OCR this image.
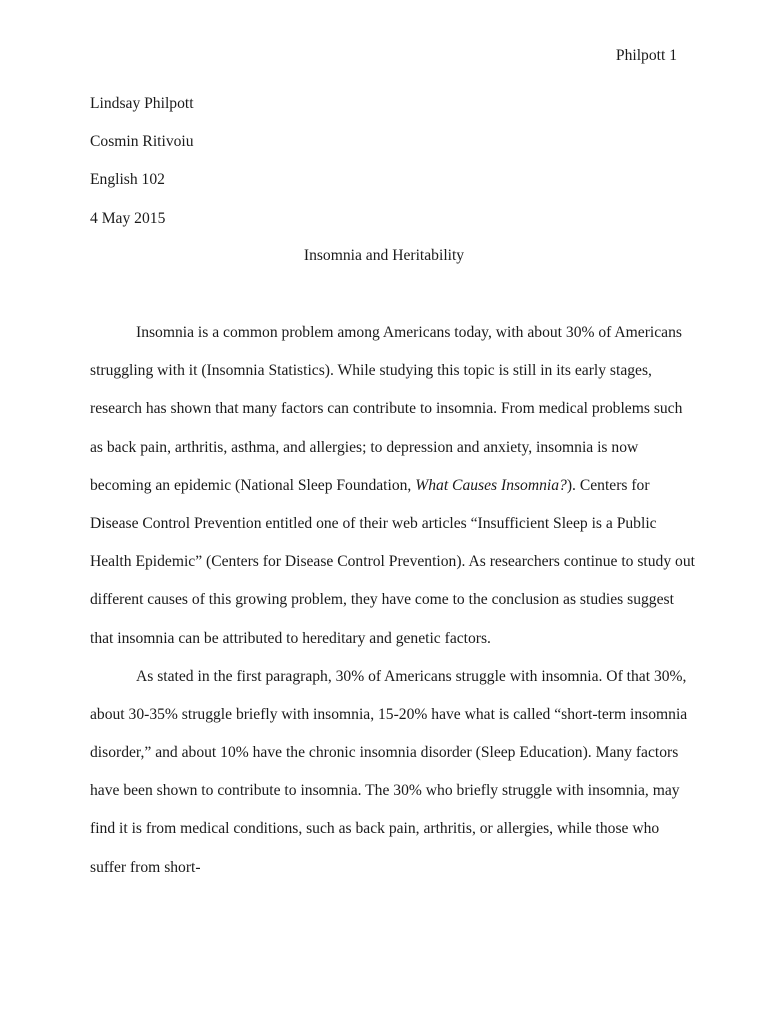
Philpott 1
Lindsay Philpott
Cosmin Ritivoiu
English 102
4 May 2015
Insomnia and Heritability
Insomnia is a common problem among Americans today, with about 30% of Americans
struggling with it (Insomnia Statistics). While studying this topic is still in its early stages,
research has shown that many factors can contribute to insomnia. From medical problems such
as back pain, arthritis, asthma, and allergies; to depression and anxiety, insomnia is now
becoming an epidemic (National Sleep Foundation, What Causes Insomnia?). Centers for
Disease Control Prevention entitled one of their web articles “Insufficient Sleep is a Public
Health Epidemic” (Centers for Disease Control Prevention). As researchers continue to study out
different causes of this growing problem, they have come to the conclusion as studies suggest
that insomnia can be attributed to hereditary and genetic factors.
As stated in the first paragraph, 30% of Americans struggle with insomnia. Of that 30%,
about 30-35% struggle briefly with insomnia, 15-20% have what is called “short-term insomnia
disorder,” and about 10% have the chronic insomnia disorder (Sleep Education). Many factors
have been shown to contribute to insomnia. The 30% who briefly struggle with insomnia, may
find it is from medical conditions, such as back pain, arthritis, or allergies, while those who
suffer from short-
